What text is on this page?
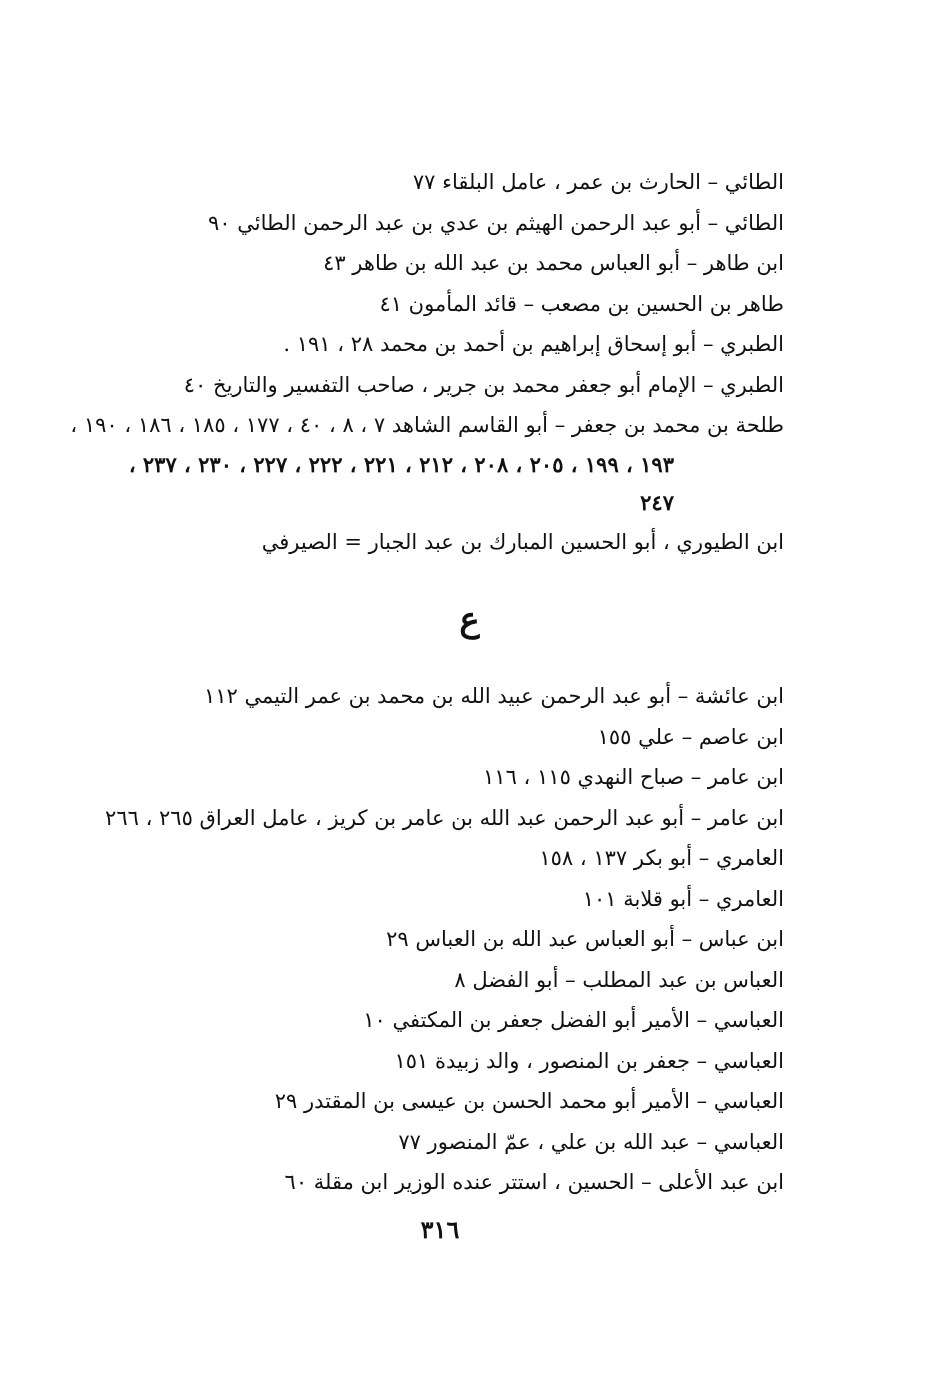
الطائي – الحارث بن عمر ، عامل البلقاء ٧٧
الطائي – أبو عبد الرحمن الهيثم بن عدي بن عبد الرحمن الطائي ٩٠
ابن طاهر – أبو العباس محمد بن عبد الله بن طاهر ٤٣
طاهر بن الحسين بن مصعب – قائد المأمون ٤١
الطبري – أبو إسحاق إبراهيم بن أحمد بن محمد ٢٨ ، ١٩١ .
الطبري – الإمام أبو جعفر محمد بن جرير ، صاحب التفسير والتاريخ ٤٠
طلحة بن محمد بن جعفر – أبو القاسم الشاهد ٧ ، ٨ ، ٤٠ ، ١٧٧ ، ١٨٥ ، ١٨٦ ، ١٩٠ ،
١٩٣ ، ١٩٩ ، ٢٠٥ ، ٢٠٨ ، ٢١٢ ، ٢٢١ ، ٢٢٢ ، ٢٢٧ ، ٢٣٠ ، ٢٣٧ ،
٢٤٧
ابن الطيوري ، أبو الحسين المبارك بن عبد الجبار = الصيرفي
ع
ابن عائشة – أبو عبد الرحمن عبيد الله بن محمد بن عمر التيمي ١١٢
ابن عاصم – علي ١٥٥
ابن عامر – صباح النهدي ١١٥ ، ١١٦
ابن عامر – أبو عبد الرحمن عبد الله بن عامر بن كريز ، عامل العراق ٢٦٥ ، ٢٦٦
العامري – أبو بكر ١٣٧ ، ١٥٨
العامري – أبو قلابة ١٠١
ابن عباس – أبو العباس عبد الله بن العباس ٢٩
العباس بن عبد المطلب – أبو الفضل ٨
العباسي – الأمير أبو الفضل جعفر بن المكتفي ١٠
العباسي – جعفر بن المنصور ، والد زبيدة ١٥١
العباسي – الأمير أبو محمد الحسن بن عيسى بن المقتدر ٢٩
العباسي – عبد الله بن علي ، عمّ المنصور ٧٧
ابن عبد الأعلى – الحسين ، استتر عنده الوزير ابن مقلة ٦٠
٣١٦
